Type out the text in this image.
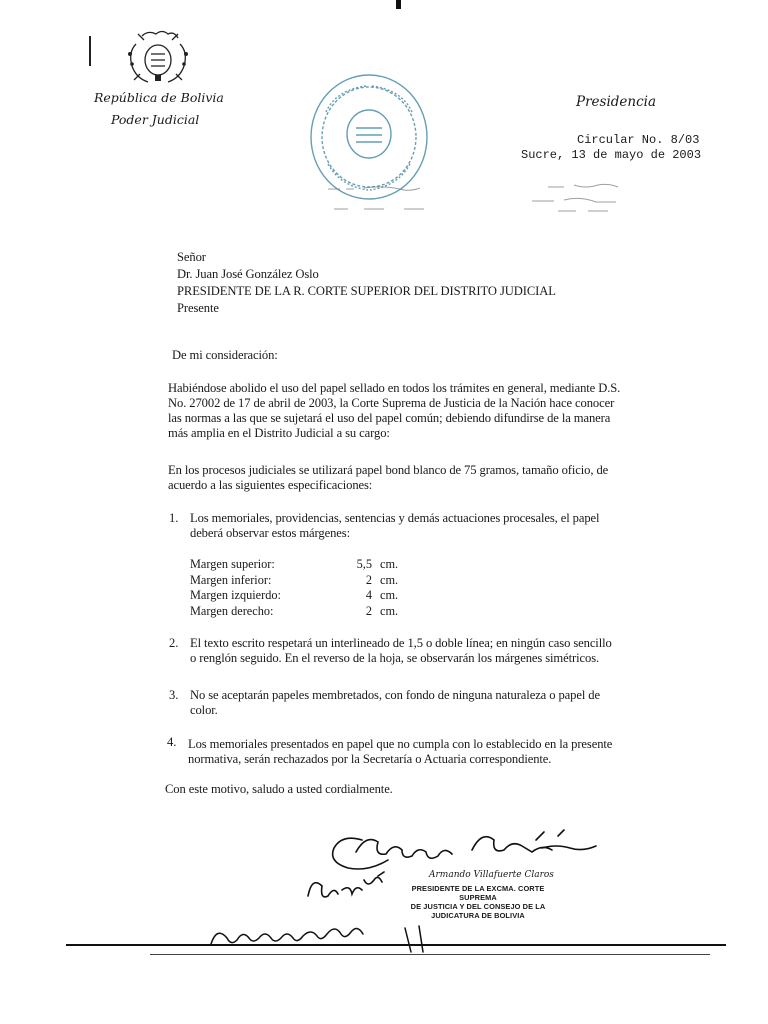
República de Bolivia
Poder Judicial
Presidencia
Circular No. 8/03
Sucre, 13 de mayo de 2003
Señor
Dr. Juan José González Oslo
PRESIDENTE DE LA R. CORTE SUPERIOR DEL DISTRITO JUDICIAL
Presente
De mi consideración:
Habiéndose abolido el uso del papel sellado en todos los trámites en general, mediante D.S.
No. 27002 de 17 de abril de 2003, la Corte Suprema de Justicia de la Nación hace conocer
las normas a las que se sujetará el uso del papel común; debiendo difundirse de la manera
más amplia en el Distrito Judicial a su cargo:
En los procesos judiciales se utilizará papel bond blanco de 75 gramos, tamaño oficio, de
acuerdo a las siguientes especificaciones:
1. Los memoriales, providencias, sentencias y demás actuaciones procesales, el papel
deberá observar estos márgenes:
Margen superior:	5,5 cm.
Margen inferior:	2 cm.
Margen izquierdo:	4 cm.
Margen derecho:	2 cm.
2. El texto escrito respetará un interlineado de 1,5 o doble línea; en ningún caso sencillo
o renglón seguido. En el reverso de la hoja, se observarán los márgenes simétricos.
3. No se aceptarán papeles membretados, con fondo de ninguna naturaleza o papel de
color.
4. Los memoriales presentados en papel que no cumpla con lo establecido en la presente
normativa, serán rechazados por la Secretaría o Actuaria correspondiente.
Con este motivo, saludo a usted cordialmente.
Armando Villafuerte Claros
PRESIDENTE DE LA EXCMA. CORTE SUPREMA
DE JUSTICIA Y DEL CONSEJO DE LA
JUDICATURA DE BOLIVIA
